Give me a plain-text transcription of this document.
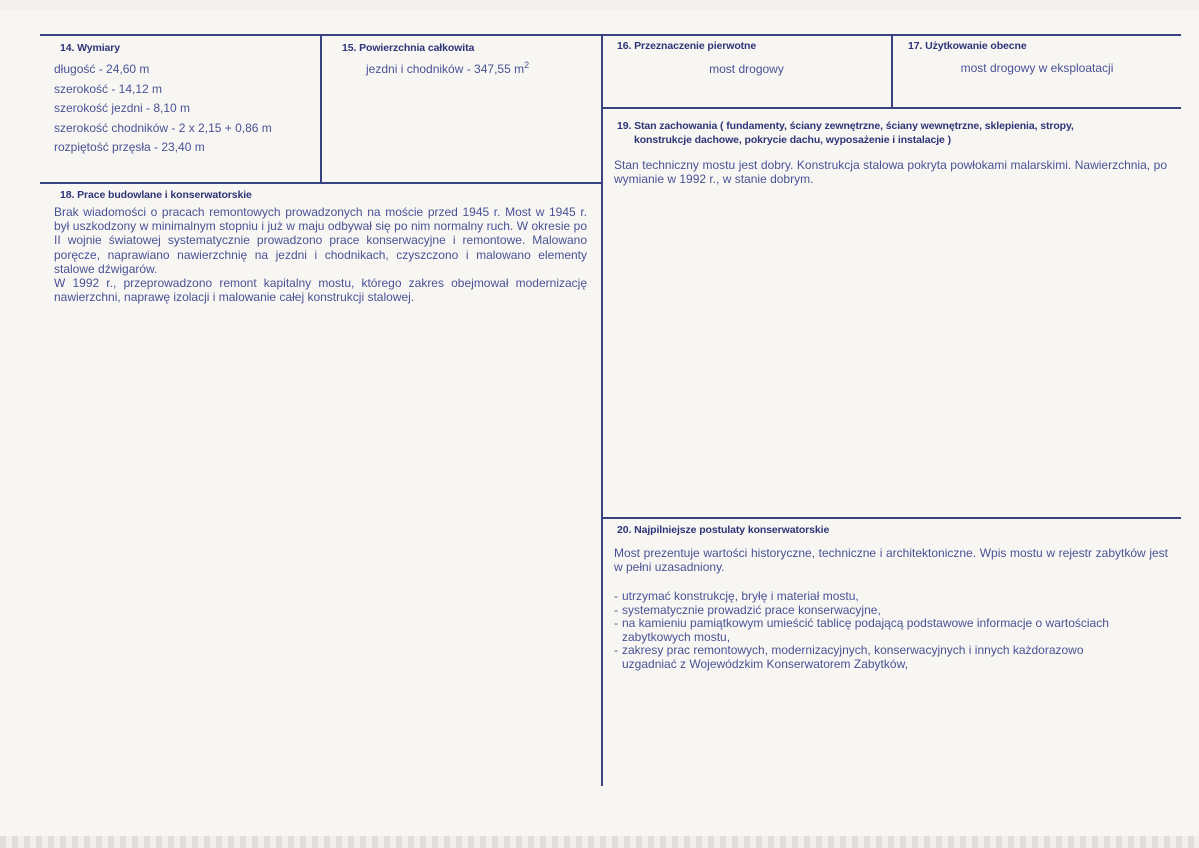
14. Wymiary
długość - 24,60 m
szerokość - 14,12 m
szerokość jezdni - 8,10 m
szerokość chodników - 2 x 2,15 + 0,86 m
rozpiętość przęsła - 23,40 m
15. Powierzchnia całkowita
jezdni i chodników - 347,55 $m^2$
16. Przeznaczenie pierwotne
most drogowy
17. Użytkowanie obecne
most drogowy w eksploatacji
18. Prace budowlane i konserwatorskie
Brak wiadomości o pracach remontowych prowadzonych na moście przed 1945 r. Most w 1945 r. był uszkodzony w minimalnym stopniu i już w maju odbywał się po nim normalny ruch. W okresie po II wojnie światowej systematycznie prowadzono prace konserwacyjne i remontowe. Malowano poręcze, naprawiano nawierzchnię na jezdni i chodnikach, czyszczono i malowano elementy stalowe dźwigarów.
W 1992 r., przeprowadzono remont kapitalny mostu, którego zakres obejmował modernizację nawierzchni, naprawę izolacji i malowanie całej konstrukcji stalowej.
19. Stan zachowania ( fundamenty, ściany zewnętrzne, ściany wewnętrzne, sklepienia, stropy,
konstrukcje dachowe, pokrycie dachu, wyposażenie i instalacje )
Stan techniczny mostu jest dobry. Konstrukcja stalowa pokryta powłokami malarskimi. Nawierzchnia, po wymianie w 1992 r., w stanie dobrym.
20. Najpilniejsze postulaty konserwatorskie
Most prezentuje wartości historyczne, techniczne i architektoniczne. Wpis mostu w rejestr zabytków jest w pełni uzasadniony.
- utrzymać konstrukcję, bryłę i materiał mostu,
- systematycznie prowadzić prace konserwacyjne,
- na kamieniu pamiątkowym umieścić tablicę podającą podstawowe informacje o wartościach zabytkowych mostu,
- zakresy prac remontowych, modernizacyjnych, konserwacyjnych i innych każdorazowo uzgadniać z Wojewódzkim Konserwatorem Zabytków,
